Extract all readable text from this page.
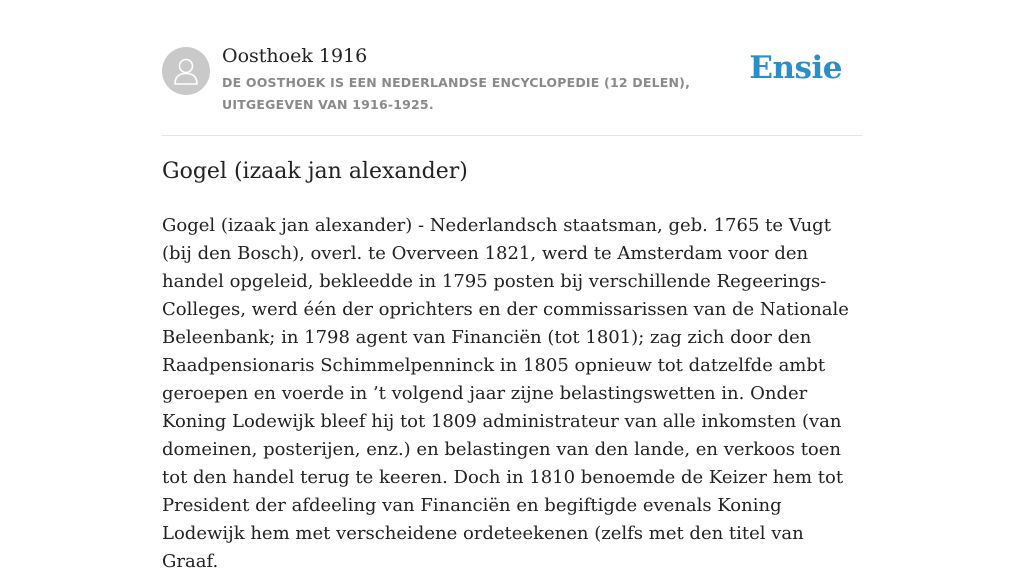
Oosthoek 1916
DE OOSTHOEK IS EEN NEDERLANDSE ENCYCLOPEDIE (12 DELEN), UITGEGEVEN VAN 1916-1925.
Ensie
Gogel (izaak jan alexander)

Gogel (izaak jan alexander) - Nederlandsch staatsman, geb. 1765 te Vugt (bij den Bosch), overl. te Overveen 1821, werd te Amsterdam voor den handel opgeleid, bekleedde in 1795 posten bij verschillende Regeerings-Colleges, werd één der oprichters en der commissarissen van de Nationale Beleenbank; in 1798 agent van Financiën (tot 1801); zag zich door den Raadpensionaris Schimmelpenninck in 1805 opnieuw tot datzelfde ambt geroepen en voerde in ’t volgend jaar zijne belastingswetten in. Onder Koning Lodewijk bleef hij tot 1809 administrateur van alle inkomsten (van domeinen, posterijen, enz.) en belastingen van den lande, en verkoos toen tot den handel terug te keeren. Doch in 1810 benoemde de Keizer hem tot President der afdeeling van Financiën en begiftigde evenals Koning Lodewijk hem met verscheidene ordeteekenen (zelfs met den titel van Graaf.
